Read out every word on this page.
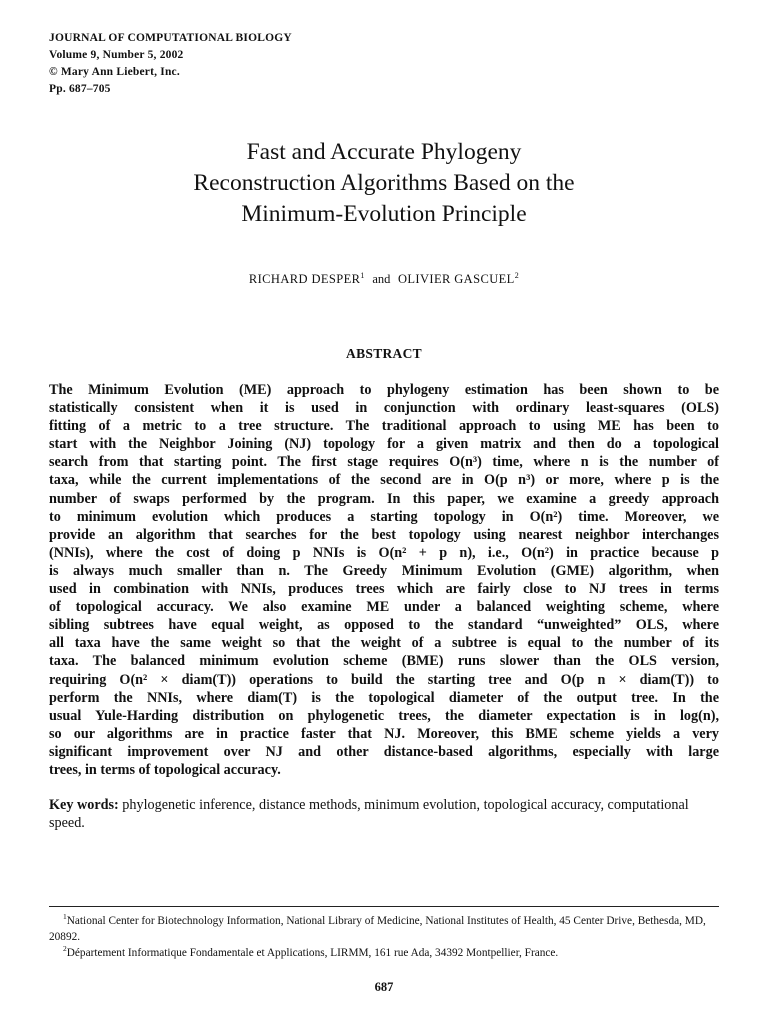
JOURNAL OF COMPUTATIONAL BIOLOGY
Volume 9, Number 5, 2002
© Mary Ann Liebert, Inc.
Pp. 687–705
Fast and Accurate Phylogeny
Reconstruction Algorithms Based on the
Minimum-Evolution Principle
RICHARD DESPER$^1$ and OLIVIER GASCUEL$^2$
ABSTRACT
The Minimum Evolution (ME) approach to phylogeny estimation has been shown to be
statistically consistent when it is used in conjunction with ordinary least-squares (OLS)
fitting of a metric to a tree structure. The traditional approach to using ME has been to
start with the Neighbor Joining (NJ) topology for a given matrix and then do a topological
search from that starting point. The first stage requires O(n³) time, where n is the number of
taxa, while the current implementations of the second are in O(p n³) or more, where p is the
number of swaps performed by the program. In this paper, we examine a greedy approach
to minimum evolution which produces a starting topology in O(n²) time. Moreover, we
provide an algorithm that searches for the best topology using nearest neighbor interchanges
(NNIs), where the cost of doing p NNIs is O(n² + p n), i.e., O(n²) in practice because p
is always much smaller than n. The Greedy Minimum Evolution (GME) algorithm, when
used in combination with NNIs, produces trees which are fairly close to NJ trees in terms
of topological accuracy. We also examine ME under a balanced weighting scheme, where
sibling subtrees have equal weight, as opposed to the standard “unweighted” OLS, where
all taxa have the same weight so that the weight of a subtree is equal to the number of its
taxa. The balanced minimum evolution scheme (BME) runs slower than the OLS version,
requiring O(n² × diam(T)) operations to build the starting tree and O(p n × diam(T)) to
perform the NNIs, where diam(T) is the topological diameter of the output tree. In the
usual Yule-Harding distribution on phylogenetic trees, the diameter expectation is in log(n),
so our algorithms are in practice faster that NJ. Moreover, this BME scheme yields a very
significant improvement over NJ and other distance-based algorithms, especially with large
trees, in terms of topological accuracy.
Key words: phylogenetic inference, distance methods, minimum evolution, topological accuracy, computational speed.
$^1$National Center for Biotechnology Information, National Library of Medicine, National Institutes of Health, 45 Center Drive, Bethesda, MD, 20892.
$^2$Département Informatique Fondamentale et Applications, LIRMM, 161 rue Ada, 34392 Montpellier, France.
687
